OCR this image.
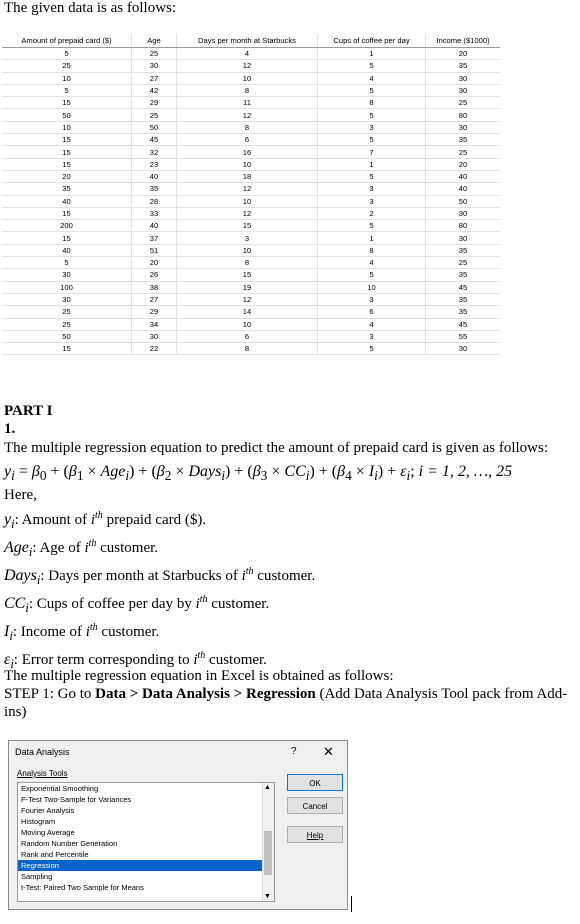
The given data is as follows:
Amount of prepaid card ($)	Age	Days per month at Starbucks	Cups of coffee per day	Income ($1000)
5	25	4	1	20
25	30	12	5	35
10	27	10	4	30
5	42	8	5	30
15	29	11	8	25
50	25	12	5	80
10	50	8	3	30
15	45	6	5	35
15	32	16	7	25
15	23	10	1	20
20	40	18	5	40
35	35	12	3	40
40	28	10	3	50
15	33	12	2	30
200	40	15	5	80
15	37	3	1	30
40	51	10	8	35
5	20	8	4	25
30	26	15	5	35
100	38	19	10	45
30	27	12	3	35
25	29	14	6	35
25	34	10	4	45
50	30	6	3	55
15	22	8	5	30
PART I
1.
The multiple regression equation to predict the amount of prepaid card is given as follows:
$y_i = \beta_0 + (\beta_1 \times Age_i) + (\beta_2$ × Days$_i$) + $(\beta_3 \times CC_i) + (\beta_4 \times I_i) + \varepsilon_i$; i = 1, 2, …, 25
Here,
$y_i$: Amount of $i^{th}$ prepaid card ($).
Age$_i$: Age of $i^{th}$ customer.
Days$_i$: Days per month at Starbucks of $i^{th}$ customer.
$CC_i$: Cups of coffee per day by $i^{th}$ customer.
$I_i$: Income of $i^{th}$ customer.
$\varepsilon_i$: Error term corresponding to $i^{th}$ customer.
The multiple regression equation in Excel is obtained as follows:
STEP 1: Go to Data > Data Analysis > Regression (Add Data Analysis Tool pack from Add-ins)
Data Analysis	? ✕
Analysis Tools
Exponential Smoothing
F-Test Two-Sample for Variances
Fourier Analysis
Histogram
Moving Average
Random Number Generation
Rank and Percentile
Regression
Sampling
t-Test: Paired Two Sample for Means
▲
▼
OK
Cancel
Help
